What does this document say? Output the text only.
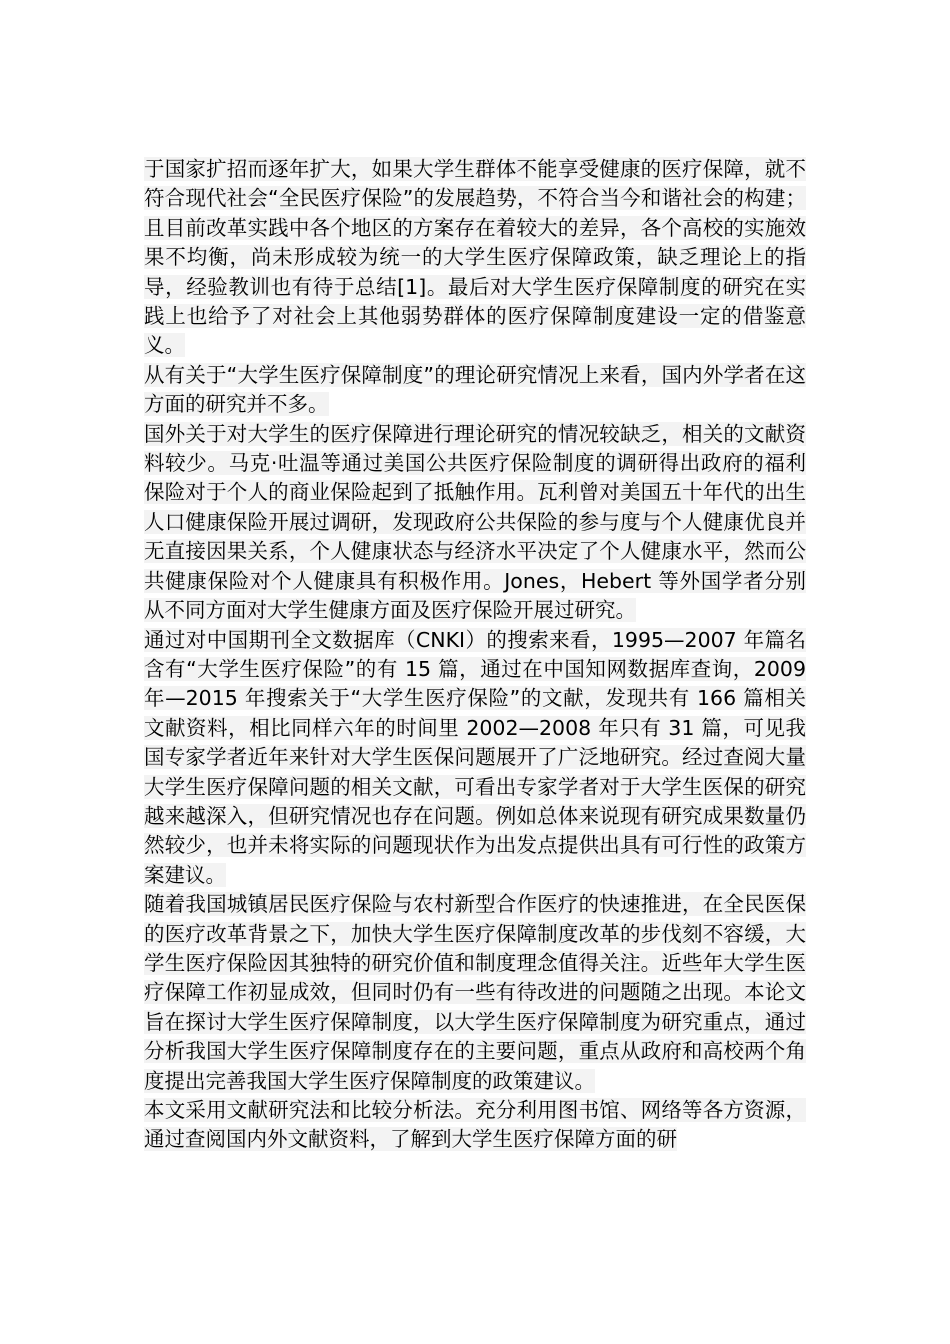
于国家扩招而逐年扩大，如果大学生群体不能享受健康的医疗保障，就不符合现代社会“全民医疗保险”的发展趋势，不符合当今和谐社会的构建；且目前改革实践中各个地区的方案存在着较大的差异，各个高校的实施效果不均衡，尚未形成较为统一的大学生医疗保障政策，缺乏理论上的指导，经验教训也有待于总结[1]。最后对大学生医疗保障制度的研究在实践上也给予了对社会上其他弱势群体的医疗保障制度建设一定的借鉴意义。

从有关于“大学生医疗保障制度”的理论研究情况上来看，国内外学者在这方面的研究并不多。

国外关于对大学生的医疗保障进行理论研究的情况较缺乏，相关的文献资料较少。马克·吐温等通过美国公共医疗保险制度的调研得出政府的福利保险对于个人的商业保险起到了抵触作用。瓦利曾对美国五十年代的出生人口健康保险开展过调研，发现政府公共保险的参与度与个人健康优良并无直接因果关系，个人健康状态与经济水平决定了个人健康水平，然而公共健康保险对个人健康具有积极作用。Jones，Hebert 等外国学者分别从不同方面对大学生健康方面及医疗保险开展过研究。

通过对中国期刊全文数据库（CNKI）的搜索来看，1995—2007 年篇名含有“大学生医疗保险”的有 15 篇，通过在中国知网数据库查询，2009 年—2015 年搜索关于“大学生医疗保险”的文献，发现共有 166 篇相关文献资料，相比同样六年的时间里 2002—2008 年只有 31 篇，可见我国专家学者近年来针对大学生医保问题展开了广泛地研究。经过查阅大量大学生医疗保障问题的相关文献，可看出专家学者对于大学生医保的研究越来越深入，但研究情况也存在问题。例如总体来说现有研究成果数量仍然较少，也并未将实际的问题现状作为出发点提供出具有可行性的政策方案建议。

随着我国城镇居民医疗保险与农村新型合作医疗的快速推进，在全民医保的医疗改革背景之下，加快大学生医疗保障制度改革的步伐刻不容缓，大学生医疗保险因其独特的研究价值和制度理念值得关注。近些年大学生医疗保障工作初显成效，但同时仍有一些有待改进的问题随之出现。本论文旨在探讨大学生医疗保障制度，以大学生医疗保障制度为研究重点，通过分析我国大学生医疗保障制度存在的主要问题，重点从政府和高校两个角度提出完善我国大学生医疗保障制度的政策建议。

本文采用文献研究法和比较分析法。充分利用图书馆、网络等各方资源，通过查阅国内外文献资料，了解到大学生医疗保障方面的研
